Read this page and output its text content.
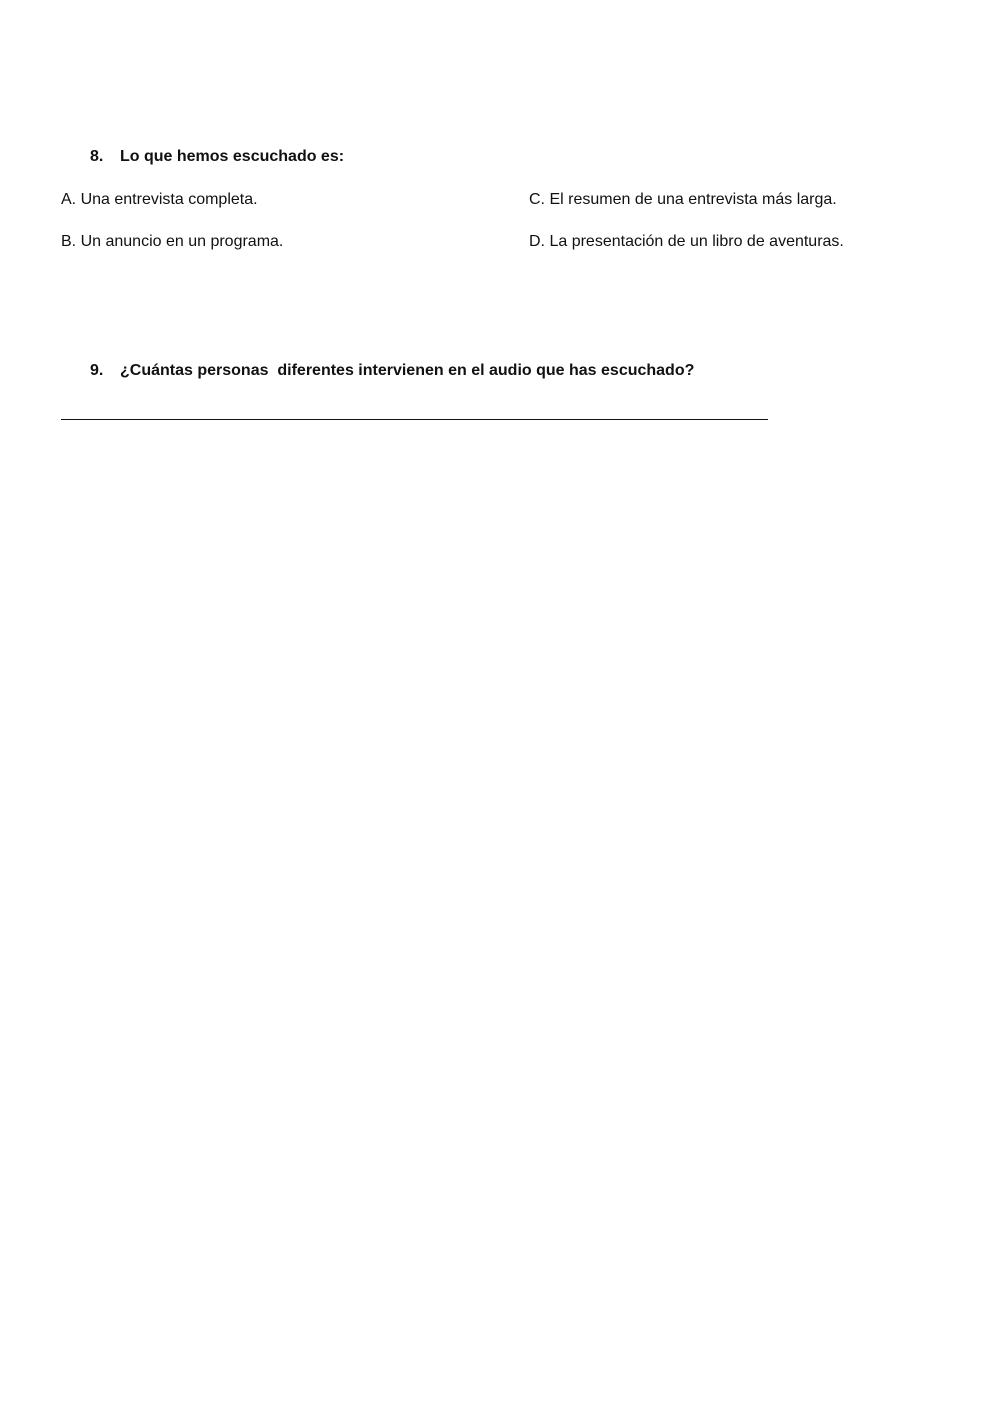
8. Lo que hemos escuchado es:
A. Una entrevista completa.
B. Un anuncio en un programa.
C. El resumen de una entrevista más larga.
D. La presentación de un libro de aventuras.
9. ¿Cuántas personas  diferentes intervienen en el audio que has escuchado?
